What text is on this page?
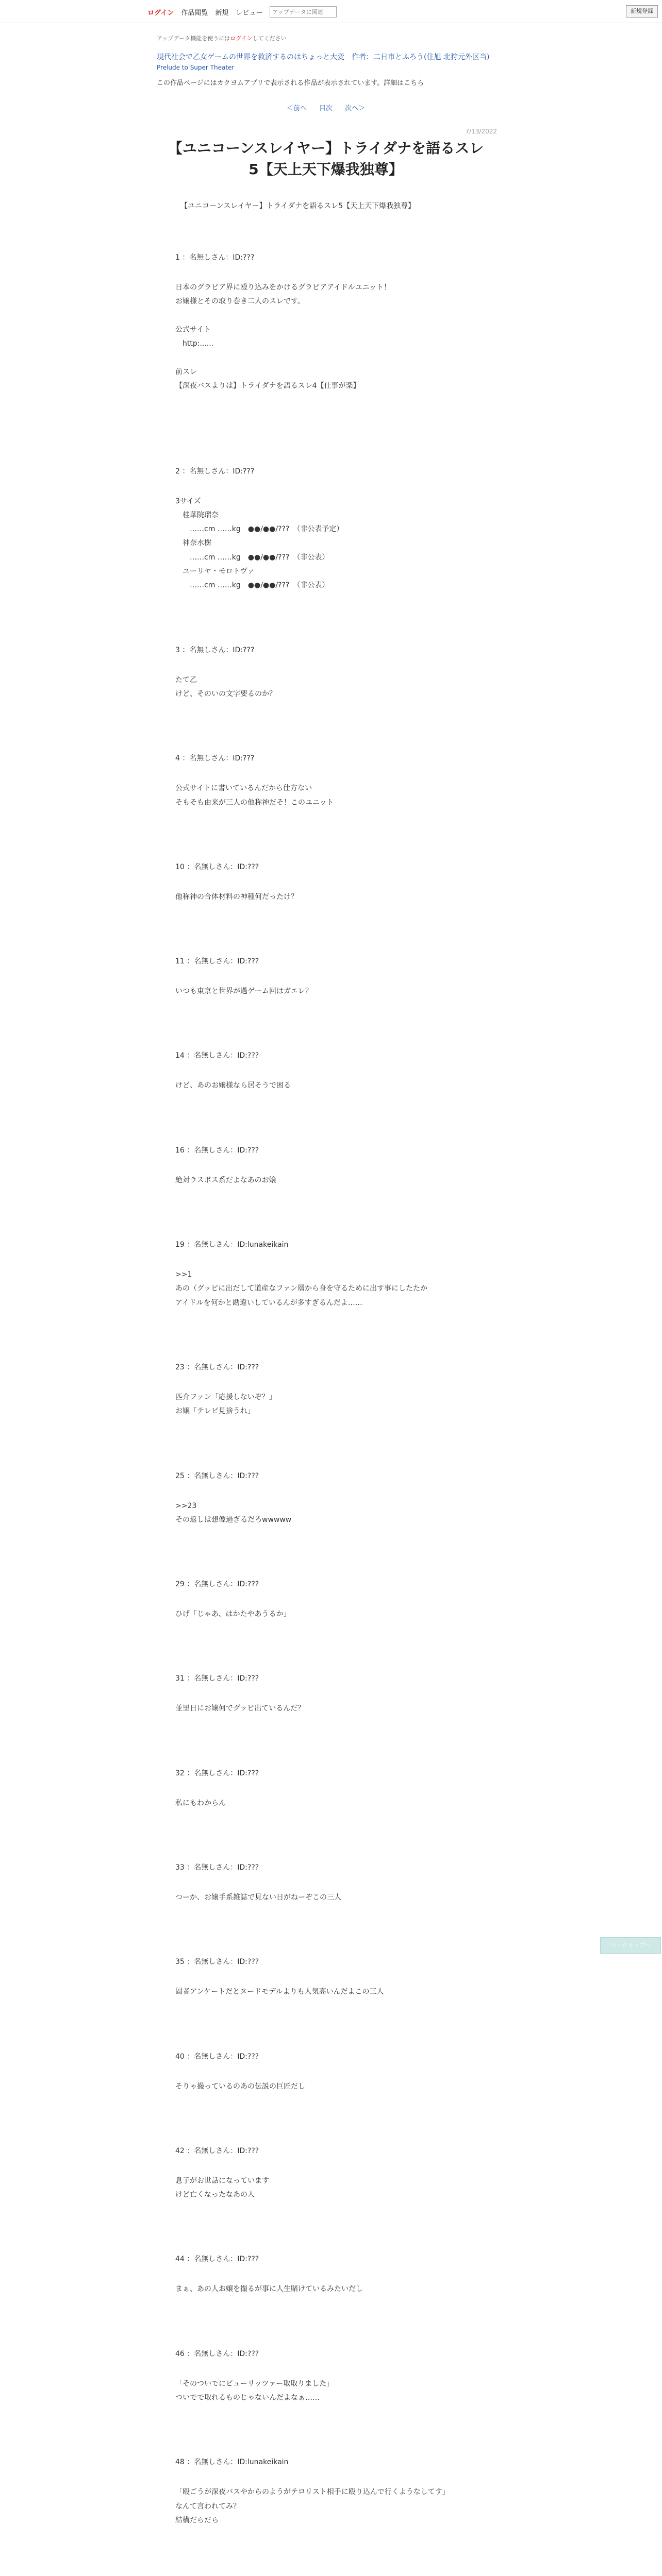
ログイン 作品閲覧 新規 レビュー
アップデータに関連	新規登録
アップデータ機能を使うにはログインしてください
現代社会で乙女ゲームの世界を救済するのはちょっと大変　作者：二日市とふろう(住旭 北狩元外区当)
Prelude to Super Theater
この作品ページにはカクヨムアプリで表示される作品が表示されています。詳細はこちら
＜前へ 目次 次へ＞
7/13/2022
【ユニコーンスレイヤー】トライダナを語るスレ5【天上天下爆我独尊】
【ユニコーンスレイヤー】トライダナを語るスレ5【天上天下爆我独尊】
1 ：名無しさん：ID:???
日本のグラビア界に殴り込みをかけるグラビアアイドルユニット！
お嬢様とその取り巻き二人のスレです。

公式サイト
　http:......

前スレ
【深夜バスよりは】トライダナを語るスレ4【仕事が楽】
2 ：名無しさん：ID:???
3サイズ
　桂華院瑠奈
　　……cm ……kg　●●/●●/???　（非公表予定）
　神奈水樹
　　……cm ……kg　●●/●●/???　（非公表）
　ユーリヤ・モロトヴァ
　　……cm ……kg　●●/●●/???　（非公表）
3 ：名無しさん：ID:???
たて乙
けど、そのいの文字要るのか？
4 ：名無しさん：ID:???
公式サイトに書いているんだから仕方ない
そもそも由来が三人の他称神だそ！このユニット
10 ：名無しさん：ID:???
他称神の合体材料の神種何だったけ？
11 ：名無しさん：ID:???
いつも東京と世界が過ゲーム回はガエレ？
14 ：名無しさん：ID:???
けど、あのお嬢様なら居そうで困る
16 ：名無しさん：ID:???
絶対ラスボス系だよなあのお嬢
19 ：名無しさん：ID:lunakeikain
>>1
あの（グッピに出だして道産なファン層から身を守るために出す事にしたたか
アイドルを何かと勘違いしているんが多すぎるんだよ……
23 ：名無しさん：ID:???
匹介ファン「応援しないぞ？」
お嬢「テレビ見捨うれ」
25 ：名無しさん：ID:???
>>23
その返しは想像過ぎるだろwwwww
29 ：名無しさん：ID:???
ひげ「じゃあ、はかたやあうるか」
31 ：名無しさん：ID:???
並里日にお嬢何でグッピ出ているんだ？
32 ：名無しさん：ID:???
私にもわからん
33 ：名無しさん：ID:???
つーか、お嬢手系雑誌で見ない日がねーぞこの三人
35 ：名無しさん：ID:???
固者アンケートだとヌードモデルよりも人気高いんだよこの三人
40 ：名無しさん：ID:???
そりゃ撮っているのあの伝説の巨匠だし
42 ：名無しさん：ID:???
息子がお世話になっています
けど亡くなったなあの人
44 ：名無しさん：ID:???
まぁ、あの人お嬢を撮るが事に人生賭けているみたいだし
46 ：名無しさん：ID:???
「そのついでにビューリッツァー取取りました」
ついでで取れるものじゃないんだよなぁ……
48 ：名無しさん：ID:lunakeikain
「殴ごうが深夜バスやからのようがテロリスト相手に殴り込んで行くようなしてす」
なんて言われてみ？
結構だらだら
ページトップへ
